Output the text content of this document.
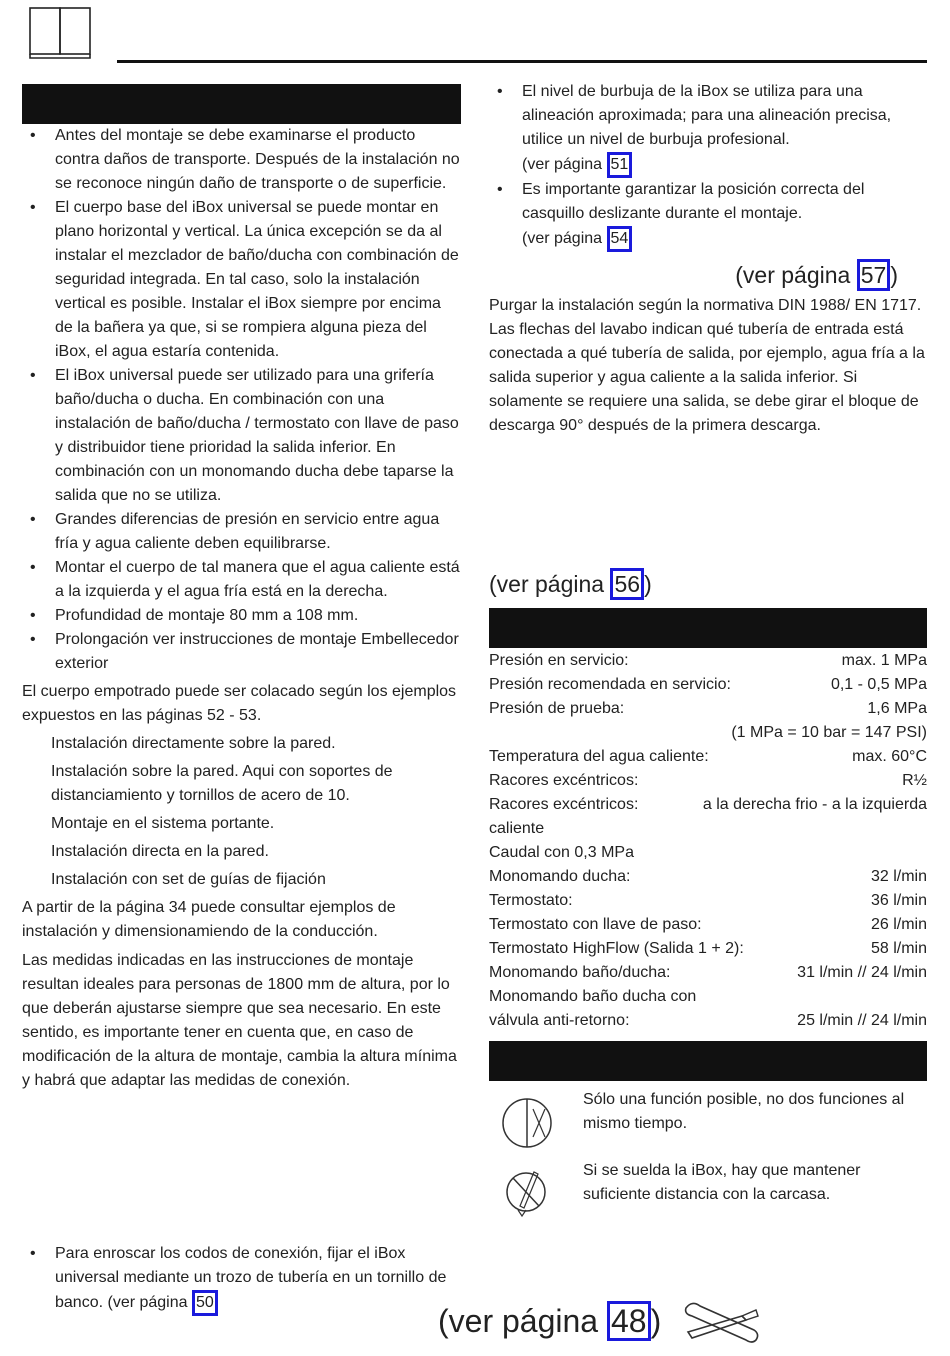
• Antes del montaje se debe examinarse el producto contra daños de transporte. Después de la instalación no se reconoce ningún daño de transporte o de superficie.
• El cuerpo base del iBox universal se puede montar en plano horizontal y vertical. La única excepción se da al instalar el mezclador de baño/ducha con combinación de seguridad integrada. En tal caso, solo la instalación vertical es posible. Instalar el iBox siempre por encima de la bañera ya que, si se rompiera alguna pieza del iBox, el agua estaría contenida.
• El iBox universal puede ser utilizado para una grifería baño/ducha o ducha. En combinación con una instalación de baño/ducha / termostato con llave de paso y distribuidor tiene prioridad la salida inferior. En combinación con un monomando ducha debe taparse la salida que no se utiliza.
• Grandes diferencias de presión en servicio entre agua fría y agua caliente deben equilibrarse.
• Montar el cuerpo de tal manera que el agua caliente está a la izquierda y el agua fría está en la derecha.
• Profundidad de montaje 80 mm a 108 mm.
• Prolongación ver instrucciones de montaje Embellecedor exterior

El cuerpo empotrado puede ser colacado según los ejemplos expuestos en las páginas 52 - 53.

Instalación directamente sobre la pared.

Instalación sobre la pared. Aqui con soportes de distanciamiento y tornillos de acero de 10.

Montaje en el sistema portante.

Instalación directa en la pared.

Instalación con set de guías de fijación

A partir de la página 34 puede consultar ejemplos de instalación y dimensionamiendo de la conducción.

Las medidas indicadas en las instrucciones de montaje resultan ideales para personas de 1800 mm de altura, por lo que deberán ajustarse siempre que sea necesario. En este sentido, es importante tener en cuenta que, en caso de modificación de la altura de montaje, cambia la altura mínima y habrá que adaptar las medidas de conexión.

• Para enroscar los codos de conexión, fijar el iBox universal mediante un trozo de tubería en un tornillo de banco. (ver página 50
• El nivel de burbuja de la iBox se utiliza para una alineación aproximada; para una alineación precisa, utilice un nivel de burbuja profesional.
(ver página 51
• Es importante garantizar la posición correcta del casquillo deslizante durante el montaje.
(ver página 54
(ver página 57 )

Purgar la instalación según la normativa DIN 1988/ EN 1717. Las flechas del lavabo indican qué tubería de entrada está conectada a qué tubería de salida, por ejemplo, agua fría a la salida superior y agua caliente a la salida inferior. Si solamente se requiere una salida, se debe girar el bloque de descarga 90° después de la primera descarga.

(ver página 56 )
Presión en servicio:	max. 1 MPa
Presión recomendada en servicio:	0,1 - 0,5 MPa
Presión de prueba:	1,6 MPa
(1 MPa = 10 bar = 147 PSI)
Temperatura del agua caliente:	max. 60°C
Racores excéntricos:	R½
Racores excéntricos:	a la derecha frio - a la izquierda
caliente
Caudal con 0,3 MPa
Monomando ducha:	32 l/min
Termostato:	36 l/min
Termostato con llave de paso:	26 l/min
Termostato HighFlow (Salida 1 + 2):	58 l/min
Monomando baño/ducha:	31 l/min // 24 l/min
Monomando baño ducha con
válvula anti-retorno:	25 l/min // 24 l/min

Sólo una función posible, no dos funciones al mismo tiempo.

Si se suelda la iBox, hay que mantener suficiente distancia con la carcasa.

(ver página 48 )
